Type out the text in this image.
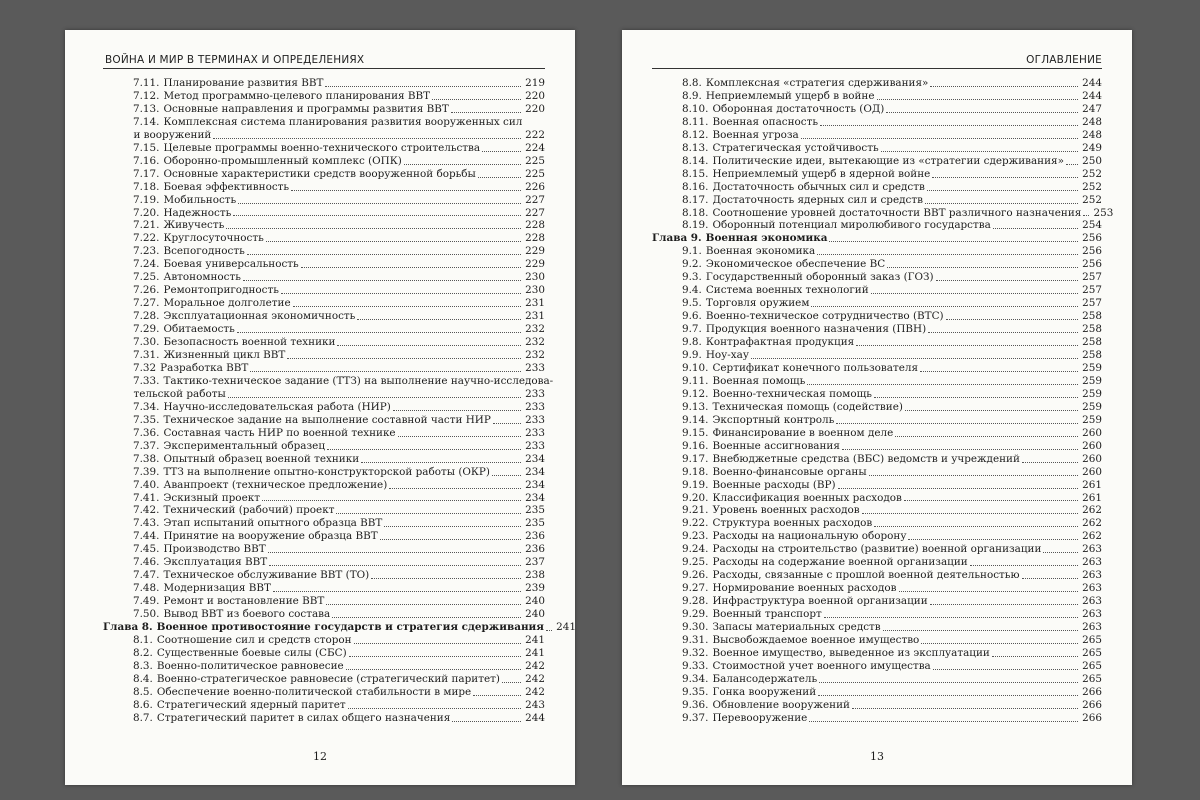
ВОЙНА И МИР В ТЕРМИНАХ И ОПРЕДЕЛЕНИЯХ
7.11. Планирование развития ВВТ	219
7.12. Метод программно-целевого планирования ВВТ	220
7.13. Основные направления и программы развития ВВТ	220
7.14. Комплексная система планирования развития вооруженных сил
и вооружений	222
7.15. Целевые программы военно-технического строительства	224
7.16. Оборонно-промышленный комплекс (ОПК)	225
7.17. Основные характеристики средств вооруженной борьбы	225
7.18. Боевая эффективность	226
7.19. Мобильность	227
7.20. Надежность	227
7.21. Живучесть	228
7.22. Круглосуточность	228
7.23. Всепогодность	229
7.24. Боевая универсальность	229
7.25. Автономность	230
7.26. Ремонтопригодность	230
7.27. Моральное долголетие	231
7.28. Эксплуатационная экономичность	231
7.29. Обитаемость	232
7.30. Безопасность военной техники	232
7.31. Жизненный цикл ВВТ	232
7.32 Разработка ВВТ	233
7.33. Тактико-техническое задание (ТТЗ) на выполнение научно-исследова-
тельской работы	233
7.34. Научно-исследовательская работа (НИР)	233
7.35. Техническое задание на выполнение составной части НИР	233
7.36. Составная часть НИР по военной технике	233
7.37. Экспериментальный образец	233
7.38. Опытный образец военной техники	234
7.39. ТТЗ на выполнение опытно-конструкторской работы (ОКР)	234
7.40. Аванпроект (техническое предложение)	234
7.41. Эскизный проект	234
7.42. Технический (рабочий) проект	235
7.43. Этап испытаний опытного образца ВВТ	235
7.44. Принятие на вооружение образца ВВТ	236
7.45. Производство ВВТ	236
7.46. Эксплуатация ВВТ	237
7.47. Техническое обслуживание ВВТ (ТО)	238
7.48. Модернизация ВВТ	239
7.49. Ремонт и востановление ВВТ	240
7.50. Вывод ВВТ из боевого состава	240
Глава 8. Военное противостояние государств и стратегия сдерживания 241
8.1. Соотношение сил и средств сторон	241
8.2. Существенные боевые силы (СБС)	241
8.3. Военно-политическое равновесие	242
8.4. Военно-стратегическое равновесие (стратегический паритет) 242
8.5. Обеспечение военно-политической стабильности в мире	242
8.6. Стратегический ядерный паритет	243
8.7. Стратегический паритет в силах общего назначения	244
12
ОГЛАВЛЕНИЕ
8.8. Комплексная «стратегия сдерживания»	244
8.9. Неприемлемый ущерб в войне	244
8.10. Оборонная достаточность (ОД)	247
8.11. Военная опасность	248
8.12. Военная угроза	248
8.13. Стратегическая устойчивость	249
8.14. Политические идеи, вытекающие из «стратегии сдерживания» 250
8.15. Неприемлемый ущерб в ядерной войне	252
8.16. Достаточность обычных сил и средств	252
8.17. Достаточность ядерных сил и средств	252
8.18. Соотношение уровней достаточности ВВТ различного назначения 253
8.19. Оборонный потенциал миролюбивого государства	254
Глава 9. Военная экономика	256
9.1. Военная экономика	256
9.2. Экономическое обеспечение ВС	256
9.3. Государственный оборонный заказ (ГОЗ)	257
9.4. Система военных технологий	257
9.5. Торговля оружием	257
9.6. Военно-техническое сотрудничество (ВТС)	258
9.7. Продукция военного назначения (ПВН)	258
9.8. Контрафактная продукция	258
9.9. Ноу-хау	258
9.10. Сертификат конечного пользователя	259
9.11. Военная помощь	259
9.12. Военно-техническая помощь	259
9.13. Техническая помощь (содействие)	259
9.14. Экспортный контроль	259
9.15. Финансирование в военном деле	260
9.16. Военные ассигнования	260
9.17. Внебюджетные средства (ВБС) ведомств и учреждений	260
9.18. Военно-финансовые органы	260
9.19. Военные расходы (ВР)	261
9.20. Классификация военных расходов	261
9.21. Уровень военных расходов	262
9.22. Структура военных расходов	262
9.23. Расходы на национальную оборону	262
9.24. Расходы на строительство (развитие) военной организации	263
9.25. Расходы на содержание военной организации	263
9.26. Расходы, связанные с прошлой военной деятельностью	263
9.27. Нормирование военных расходов	263
9.28. Инфраструктура военной организации	263
9.29. Военный транспорт	263
9.30. Запасы материальных средств	263
9.31. Высвобождаемое военное имущество	265
9.32. Военное имущество, выведенное из эксплуатации	265
9.33. Стоимостной учет военного имущества	265
9.34. Балансодержатель	265
9.35. Гонка вооружений	266
9.36. Обновление вооружений	266
9.37. Перевооружение	266
13
